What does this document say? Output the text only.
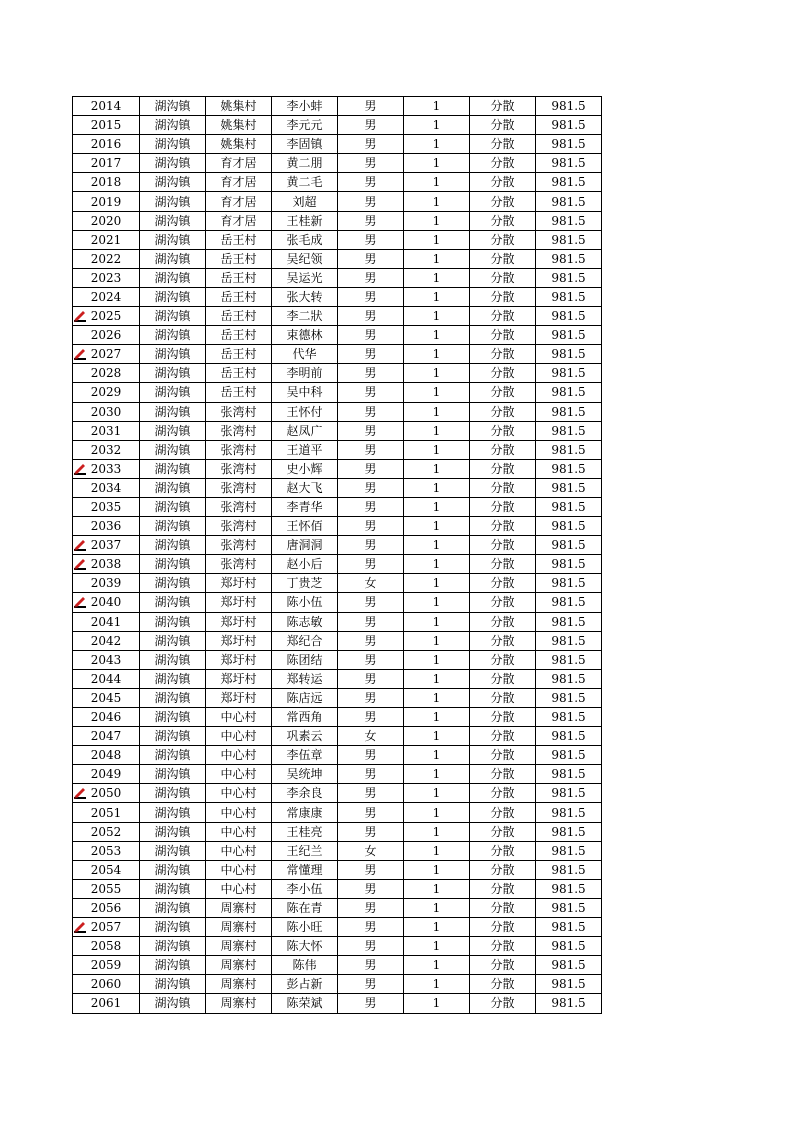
2014	湖沟镇	姚集村	李小蚌	男	1	分散	981.5
2015	湖沟镇	姚集村	李元元	男	1	分散	981.5
2016	湖沟镇	姚集村	李固镇	男	1	分散	981.5
2017	湖沟镇	育才居	黄二朋	男	1	分散	981.5
2018	湖沟镇	育才居	黄二毛	男	1	分散	981.5
2019	湖沟镇	育才居	刘超	男	1	分散	981.5
2020	湖沟镇	育才居	王桂新	男	1	分散	981.5
2021	湖沟镇	岳王村	张毛成	男	1	分散	981.5
2022	湖沟镇	岳王村	吴纪领	男	1	分散	981.5
2023	湖沟镇	岳王村	吴运光	男	1	分散	981.5
2024	湖沟镇	岳王村	张大转	男	1	分散	981.5
2025	湖沟镇	岳王村	李二狀	男	1	分散	981.5
2026	湖沟镇	岳王村	束德林	男	1	分散	981.5
2027	湖沟镇	岳王村	代华	男	1	分散	981.5
2028	湖沟镇	岳王村	李明前	男	1	分散	981.5
2029	湖沟镇	岳王村	吴中科	男	1	分散	981.5
2030	湖沟镇	张湾村	王怀付	男	1	分散	981.5
2031	湖沟镇	张湾村	赵凤广	男	1	分散	981.5
2032	湖沟镇	张湾村	王道平	男	1	分散	981.5
2033	湖沟镇	张湾村	史小辉	男	1	分散	981.5
2034	湖沟镇	张湾村	赵大飞	男	1	分散	981.5
2035	湖沟镇	张湾村	李青华	男	1	分散	981.5
2036	湖沟镇	张湾村	王怀佰	男	1	分散	981.5
2037	湖沟镇	张湾村	唐洞洞	男	1	分散	981.5
2038	湖沟镇	张湾村	赵小后	男	1	分散	981.5
2039	湖沟镇	郑圩村	丁贵芝	女	1	分散	981.5
2040	湖沟镇	郑圩村	陈小伍	男	1	分散	981.5
2041	湖沟镇	郑圩村	陈志敏	男	1	分散	981.5
2042	湖沟镇	郑圩村	郑纪合	男	1	分散	981.5
2043	湖沟镇	郑圩村	陈团结	男	1	分散	981.5
2044	湖沟镇	郑圩村	郑转运	男	1	分散	981.5
2045	湖沟镇	郑圩村	陈店远	男	1	分散	981.5
2046	湖沟镇	中心村	常西角	男	1	分散	981.5
2047	湖沟镇	中心村	巩素云	女	1	分散	981.5
2048	湖沟镇	中心村	李伍章	男	1	分散	981.5
2049	湖沟镇	中心村	吴统坤	男	1	分散	981.5
2050	湖沟镇	中心村	李余良	男	1	分散	981.5
2051	湖沟镇	中心村	常康康	男	1	分散	981.5
2052	湖沟镇	中心村	王桂亮	男	1	分散	981.5
2053	湖沟镇	中心村	王纪兰	女	1	分散	981.5
2054	湖沟镇	中心村	常懂理	男	1	分散	981.5
2055	湖沟镇	中心村	李小伍	男	1	分散	981.5
2056	湖沟镇	周寨村	陈在青	男	1	分散	981.5
2057	湖沟镇	周寨村	陈小旺	男	1	分散	981.5
2058	湖沟镇	周寨村	陈大怀	男	1	分散	981.5
2059	湖沟镇	周寨村	陈伟	男	1	分散	981.5
2060	湖沟镇	周寨村	彭占新	男	1	分散	981.5
2061	湖沟镇	周寨村	陈荣斌	男	1	分散	981.5
